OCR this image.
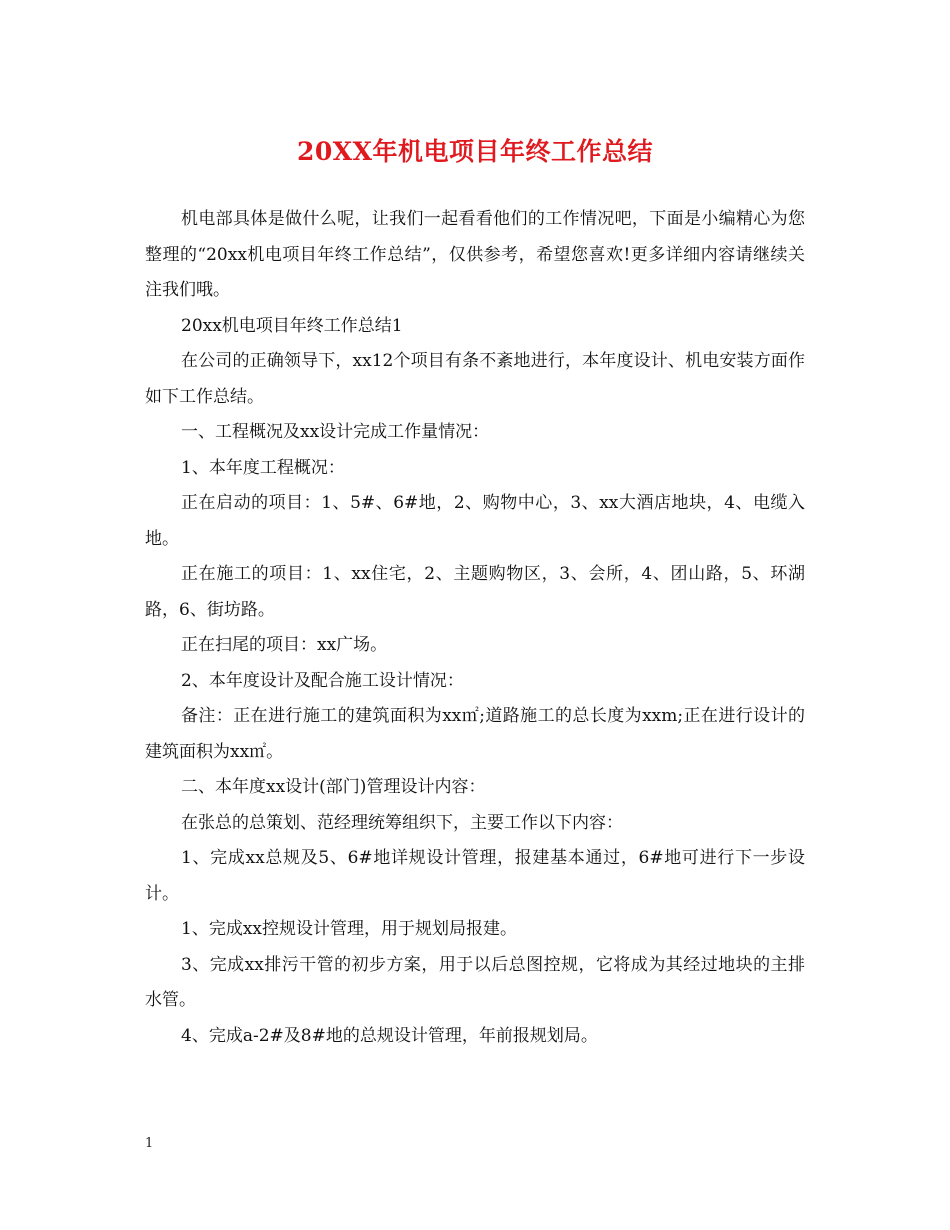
20XX年机电项目年终工作总结

机电部具体是做什么呢，让我们一起看看他们的工作情况吧，下面是小编精心为您整理的“20xx机电项目年终工作总结”，仅供参考，希望您喜欢!更多详细内容请继续关注我们哦。

20xx机电项目年终工作总结1

在公司的正确领导下，xx12个项目有条不紊地进行，本年度设计、机电安装方面作如下工作总结。

一、工程概况及xx设计完成工作量情况：

1、本年度工程概况：

正在启动的项目：1、5#、6#地，2、购物中心，3、xx大酒店地块，4、电缆入地。

正在施工的项目：1、xx住宅，2、主题购物区，3、会所，4、团山路，5、环湖路，6、街坊路。

正在扫尾的项目：xx广场。

2、本年度设计及配合施工设计情况：

备注：正在进行施工的建筑面积为xx㎡;道路施工的总长度为xxm;正在进行设计的建筑面积为xx㎡。

二、本年度xx设计(部门)管理设计内容：

在张总的总策划、范经理统筹组织下，主要工作以下内容：

1、完成xx总规及5、6#地详规设计管理，报建基本通过，6#地可进行下一步设计。

1、完成xx控规设计管理，用于规划局报建。

3、完成xx排污干管的初步方案，用于以后总图控规，它将成为其经过地块的主排水管。

4、完成a-2#及8#地的总规设计管理，年前报规划局。

1
